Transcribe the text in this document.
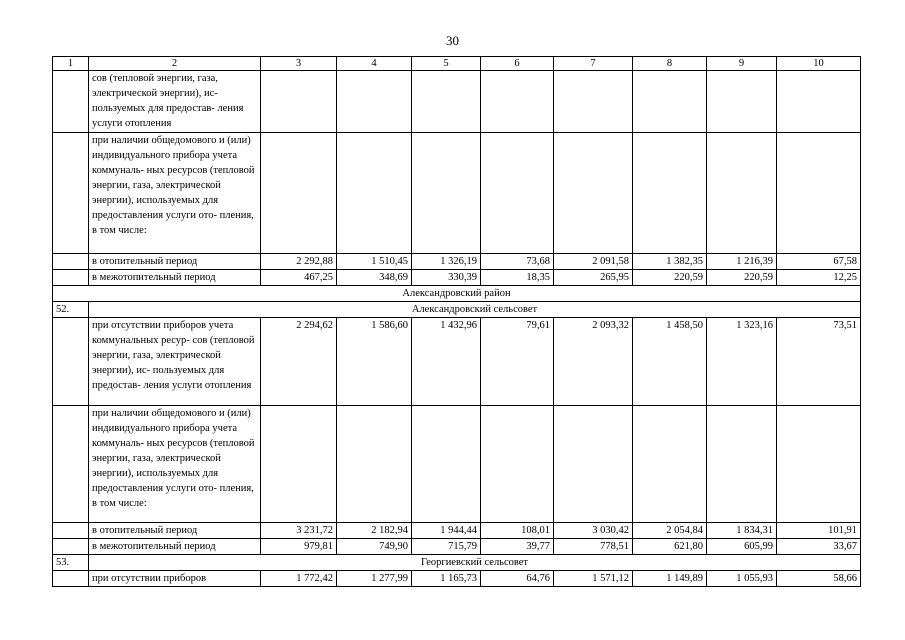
30
1	2	3	4	5	6	7	8	9	10
	сов (тепловой энергии, газа, электрической энергии), ис- пользуемых для предостав- ления услуги отопления								
	при наличии общедомового и (или) индивидуального прибора учета коммуналь- ных ресурсов (тепловой энергии, газа, электрической энергии), используемых для предоставления услуги ото- пления, в том числе:								
	в отопительный период	2 292,88	1 510,45	1 326,19	73,68	2 091,58	1 382,35	1 216,39	67,58
	в межотопительный период	467,25	348,69	330,39	18,35	265,95	220,59	220,59	12,25
Александровский район									
52.	Александровский сельсовет								
	при отсутствии приборов учета коммунальных ресур- сов (тепловой энергии, газа, электрической энергии), ис- пользуемых для предостав- ления услуги отопления	2 294,62	1 586,60	1 432,96	79,61	2 093,32	1 458,50	1 323,16	73,51
	при наличии общедомового и (или) индивидуального прибора учета коммуналь- ных ресурсов (тепловой энергии, газа, электрической энергии), используемых для предоставления услуги ото- пления, в том числе:								
	в отопительный период	3 231,72	2 182,94	1 944,44	108,01	3 030,42	2 054,84	1 834,31	101,91
	в межотопительный период	979,81	749,90	715,79	39,77	778,51	621,80	605,99	33,67
53.	Георгиевский сельсовет								
	при отсутствии приборов	1 772,42	1 277,99	1 165,73	64,76	1 571,12	1 149,89	1 055,93	58,66
